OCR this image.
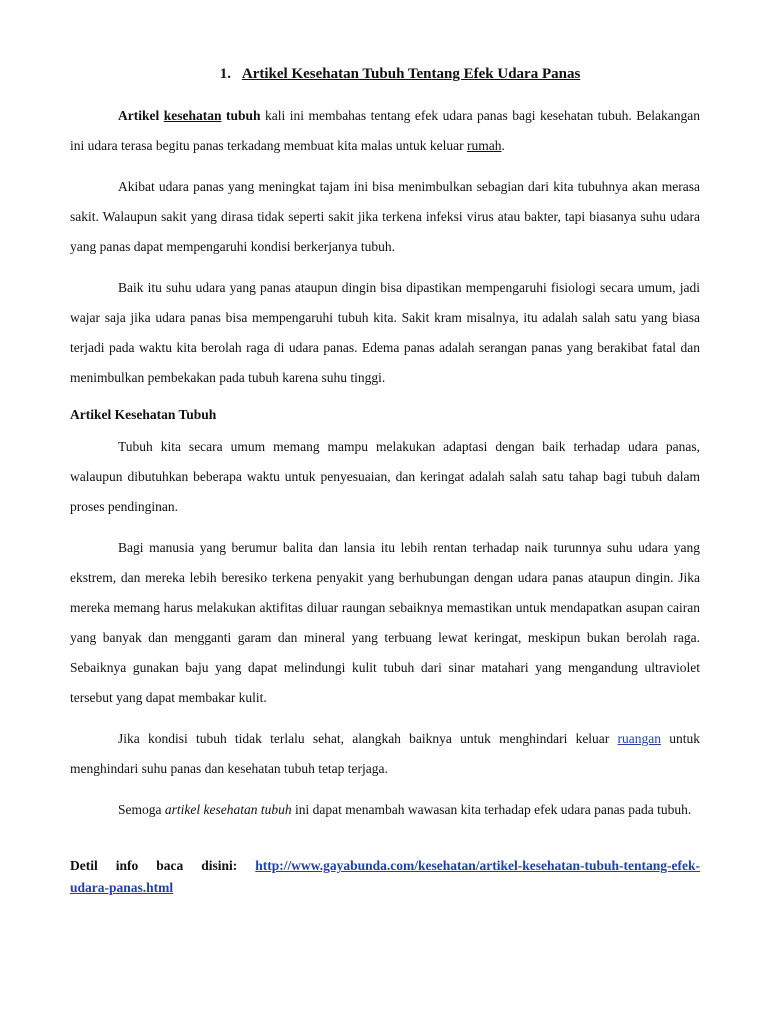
1. Artikel Kesehatan Tubuh Tentang Efek Udara Panas

Artikel kesehatan tubuh kali ini membahas tentang efek udara panas bagi kesehatan tubuh. Belakangan ini udara terasa begitu panas terkadang membuat kita malas untuk keluar rumah.

Akibat udara panas yang meningkat tajam ini bisa menimbulkan sebagian dari kita tubuhnya akan merasa sakit. Walaupun sakit yang dirasa tidak seperti sakit jika terkena infeksi virus atau bakter, tapi biasanya suhu udara yang panas dapat mempengaruhi kondisi berkerjanya tubuh.

Baik itu suhu udara yang panas ataupun dingin bisa dipastikan mempengaruhi fisiologi secara umum, jadi wajar saja jika udara panas bisa mempengaruhi tubuh kita. Sakit kram misalnya, itu adalah salah satu yang biasa terjadi pada waktu kita berolah raga di udara panas. Edema panas adalah serangan panas yang berakibat fatal dan menimbulkan pembekakan pada tubuh karena suhu tinggi.

Artikel Kesehatan Tubuh

Tubuh kita secara umum memang mampu melakukan adaptasi dengan baik terhadap udara panas, walaupun dibutuhkan beberapa waktu untuk penyesuaian, dan keringat adalah salah satu tahap bagi tubuh dalam proses pendinginan.

Bagi manusia yang berumur balita dan lansia itu lebih rentan terhadap naik turunnya suhu udara yang ekstrem, dan mereka lebih beresiko terkena penyakit yang berhubungan dengan udara panas ataupun dingin. Jika mereka memang harus melakukan aktifitas diluar raungan sebaiknya memastikan untuk mendapatkan asupan cairan yang banyak dan mengganti garam dan mineral yang terbuang lewat keringat, meskipun bukan berolah raga. Sebaiknya gunakan baju yang dapat melindungi kulit tubuh dari sinar matahari yang mengandung ultraviolet tersebut yang dapat membakar kulit.

Jika kondisi tubuh tidak terlalu sehat, alangkah baiknya untuk menghindari keluar ruangan untuk menghindari suhu panas dan kesehatan tubuh tetap terjaga.

Semoga artikel kesehatan tubuh ini dapat menambah wawasan kita terhadap efek udara panas pada tubuh.

Detil info baca disini: http://www.gayabunda.com/kesehatan/artikel-kesehatan-tubuh-tentang-efek-udara-panas.html
